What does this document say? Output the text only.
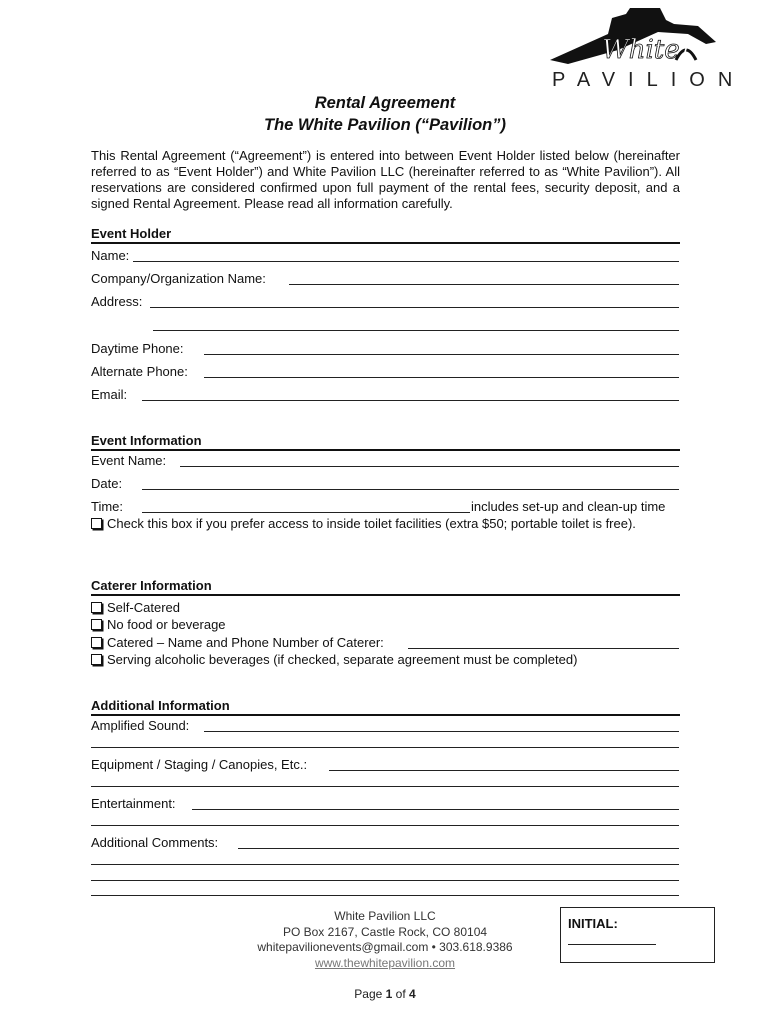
White
PAVILION
Rental Agreement
The White Pavilion (“Pavilion”)
This Rental Agreement (“Agreement”) is entered into between Event Holder listed below (hereinafter referred to as “Event Holder”) and White Pavilion LLC (hereinafter referred to as “White Pavilion”). All reservations are considered confirmed upon full payment of the rental fees, security deposit, and a signed Rental Agreement. Please read all information carefully.
Event Holder
Name:
Company/Organization Name:
Address:
Daytime Phone:
Alternate Phone:
Email:
Event Information
Event Name:
Date:
Time:	includes set-up and clean-up time
Check this box if you prefer access to inside toilet facilities (extra $50; portable toilet is free).
Caterer Information
Self-Catered
No food or beverage
Catered – Name and Phone Number of Caterer:
Serving alcoholic beverages (if checked, separate agreement must be completed)
Additional Information
Amplified Sound:
Equipment / Staging / Canopies, Etc.:
Entertainment:
Additional Comments:
White Pavilion LLC
PO Box 2167, Castle Rock, CO 80104
whitepavilionevents@gmail.com • 303.618.9386
www.thewhitepavilion.com
INITIAL:
Page 1 of 4
